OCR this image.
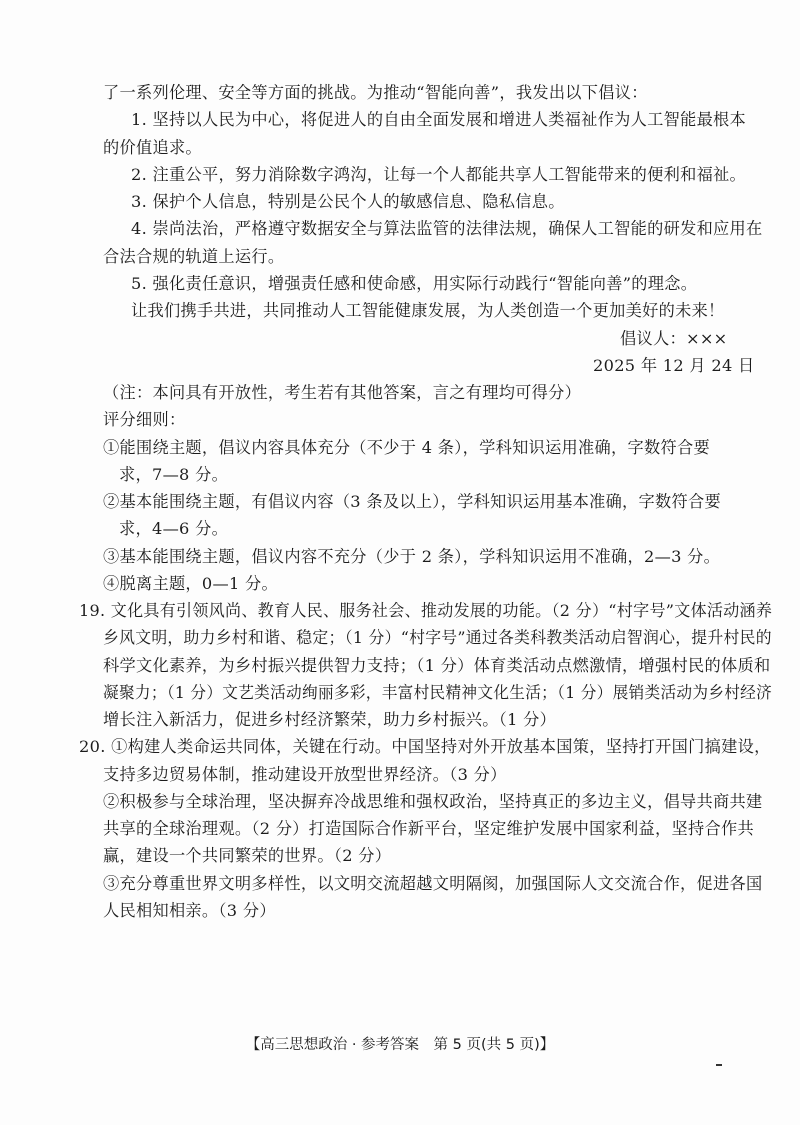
了一系列伦理、安全等方面的挑战。为推动“智能向善”，我发出以下倡议：
1. 坚持以人民为中心，将促进人的自由全面发展和增进人类福祉作为人工智能最根本
的价值追求。
2. 注重公平，努力消除数字鸿沟，让每一个人都能共享人工智能带来的便利和福祉。
3. 保护个人信息，特别是公民个人的敏感信息、隐私信息。
4. 崇尚法治，严格遵守数据安全与算法监管的法律法规，确保人工智能的研发和应用在
合法合规的轨道上运行。
5. 强化责任意识，增强责任感和使命感，用实际行动践行“智能向善”的理念。
让我们携手共进，共同推动人工智能健康发展，为人类创造一个更加美好的未来！
倡议人：×××
2025 年 12 月 24 日
（注：本问具有开放性，考生若有其他答案，言之有理均可得分）
评分细则：
①能围绕主题，倡议内容具体充分（不少于 4 条），学科知识运用准确，字数符合要
求，7—8 分。
②基本能围绕主题，有倡议内容（3 条及以上），学科知识运用基本准确，字数符合要
求，4—6 分。
③基本能围绕主题，倡议内容不充分（少于 2 条），学科知识运用不准确，2—3 分。
④脱离主题，0—1 分。
19. 文化具有引领风尚、教育人民、服务社会、推动发展的功能。（2 分）“村字号”文体活动涵养
乡风文明，助力乡村和谐、稳定；（1 分）“村字号”通过各类科教类活动启智润心，提升村民的
科学文化素养，为乡村振兴提供智力支持；（1 分）体育类活动点燃激情，增强村民的体质和
凝聚力；（1 分）文艺类活动绚丽多彩，丰富村民精神文化生活；（1 分）展销类活动为乡村经济
增长注入新活力，促进乡村经济繁荣，助力乡村振兴。（1 分）
20. ①构建人类命运共同体，关键在行动。中国坚持对外开放基本国策，坚持打开国门搞建设，
支持多边贸易体制，推动建设开放型世界经济。（3 分）
②积极参与全球治理，坚决摒弃冷战思维和强权政治，坚持真正的多边主义，倡导共商共建
共享的全球治理观。（2 分）打造国际合作新平台，坚定维护发展中国家利益，坚持合作共
赢，建设一个共同繁荣的世界。（2 分）
③充分尊重世界文明多样性，以文明交流超越文明隔阂，加强国际人文交流合作，促进各国
人民相知相亲。（3 分）
【高三思想政治 · 参考答案　第 5 页(共 5 页)】
